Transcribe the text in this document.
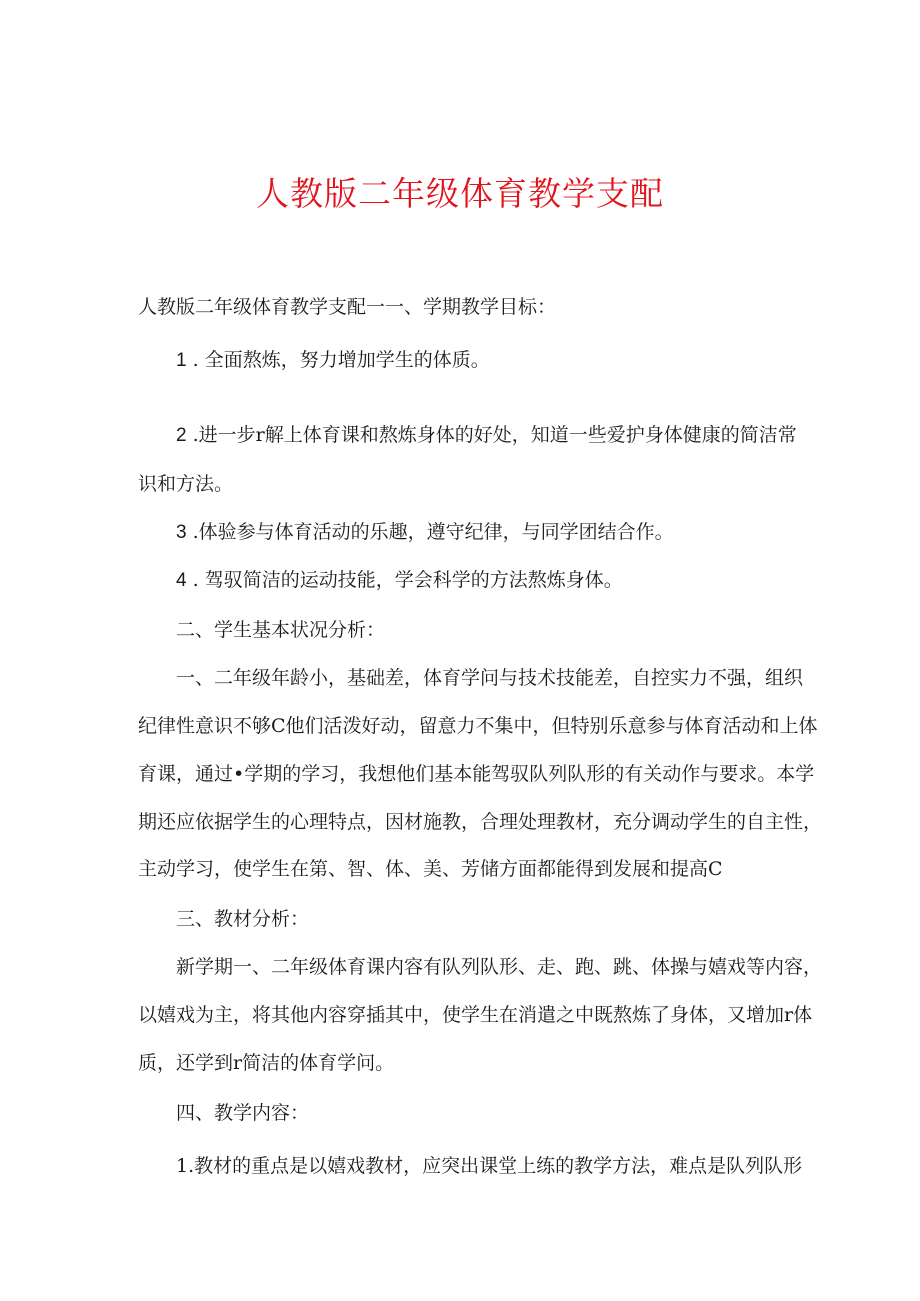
人教版二年级体育教学支配

人教版二年级体育教学支配一一、学期教学目标：

1 . 全面熬炼，努力增加学生的体质。

2 .进一步r解上体育课和熬炼身体的好处，知道一些爱护身体健康的简洁常

识和方法。

3 .体验参与体育活动的乐趣，遵守纪律，与同学团结合作。

4 . 驾驭简洁的运动技能，学会科学的方法熬炼身体。

二、学生基本状况分析：

一、二年级年龄小，基础差，体育学问与技术技能差，自控实力不强，组织

纪律性意识不够C他们活泼好动，留意力不集中，但特别乐意参与体育活动和上体

育课，通过•学期的学习，我想他们基本能驾驭队列队形的有关动作与要求。本学

期还应依据学生的心理特点，因材施教，合理处理教材，充分调动学生的自主性，

主动学习，使学生在第、智、体、美、芳储方面都能得到发展和提高C

三、教材分析：

新学期一、二年级体育课内容有队列队形、走、跑、跳、体操与嬉戏等内容，

以嬉戏为主，将其他内容穿插其中，使学生在消遣之中既熬炼了身体，又增加r体

质，还学到r简洁的体育学问。

四、教学内容：

1.教材的重点是以嬉戏教材，应突出课堂上练的教学方法，难点是队列队形
